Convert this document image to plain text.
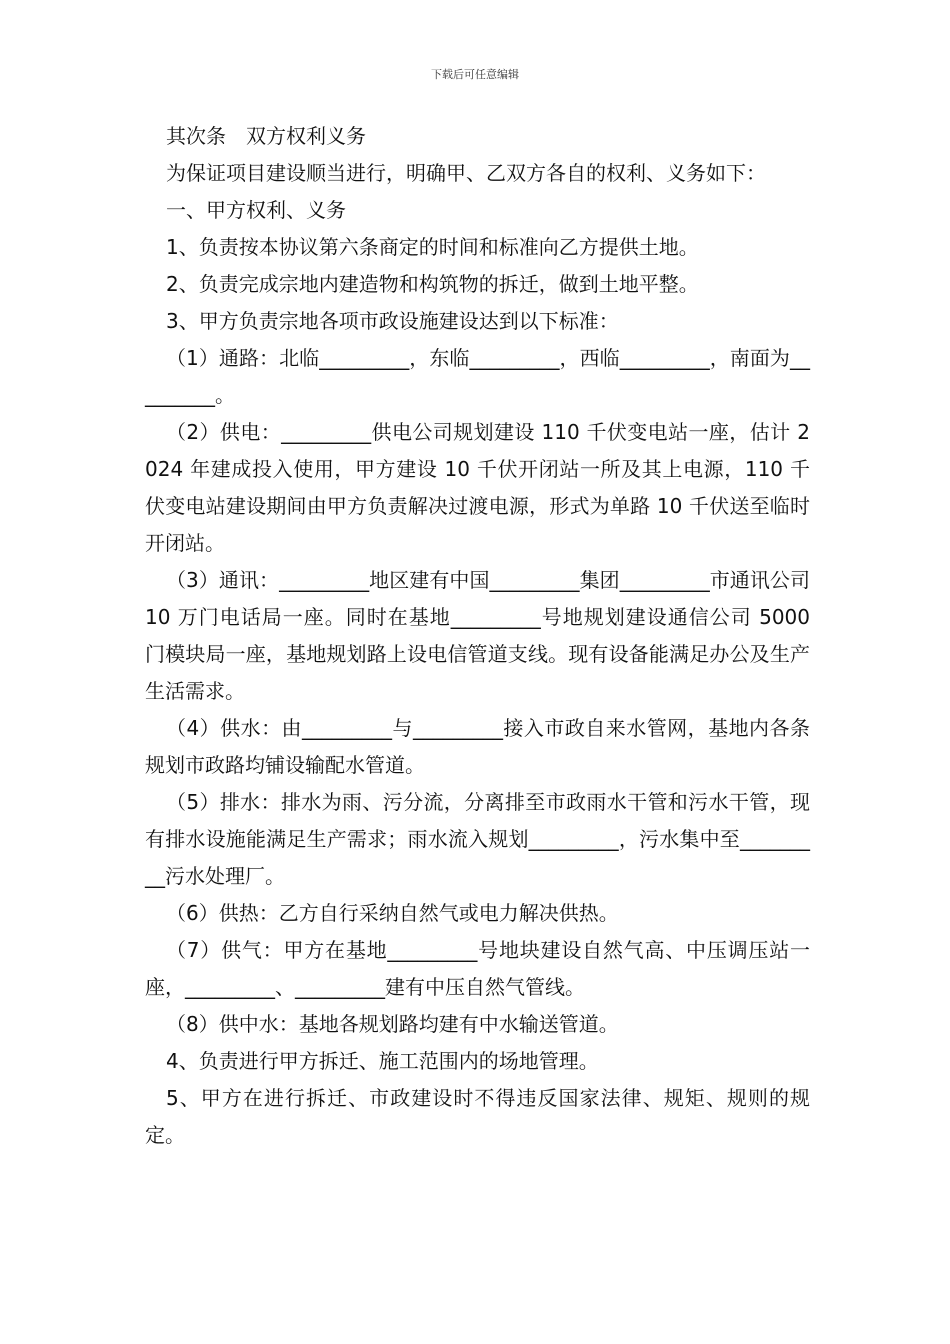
下载后可任意编辑

其次条　双方权利义务

为保证项目建设顺当进行，明确甲、乙双方各自的权利、义务如下：

一、甲方权利、义务

1、负责按本协议第六条商定的时间和标准向乙方提供土地。

2、负责完成宗地内建造物和构筑物的拆迁，做到土地平整。

3、甲方负责宗地各项市政设施建设达到以下标准：

（1）通路：北临_________，东临_________，西临_________，南面为_________。

（2）供电：_________供电公司规划建设 110 千伏变电站一座，估计 2024 年建成投入使用，甲方建设 10 千伏开闭站一所及其上电源，110 千伏变电站建设期间由甲方负责解决过渡电源，形式为单路 10 千伏送至临时开闭站。

（3）通讯：_________地区建有中国_________集团_________市通讯公司 10 万门电话局一座。同时在基地_________号地规划建设通信公司 5000 门模块局一座，基地规划路上设电信管道支线。现有设备能满足办公及生产生活需求。

（4）供水：由_________与_________接入市政自来水管网，基地内各条规划市政路均铺设输配水管道。

（5）排水：排水为雨、污分流，分离排至市政雨水干管和污水干管，现有排水设施能满足生产需求；雨水流入规划_________，污水集中至_________污水处理厂。

（6）供热：乙方自行采纳自然气或电力解决供热。

（7）供气：甲方在基地_________号地块建设自然气高、中压调压站一座，_________、_________建有中压自然气管线。

（8）供中水：基地各规划路均建有中水输送管道。

4、负责进行甲方拆迁、施工范围内的场地管理。

5、甲方在进行拆迁、市政建设时不得违反国家法律、规矩、规则的规定。
